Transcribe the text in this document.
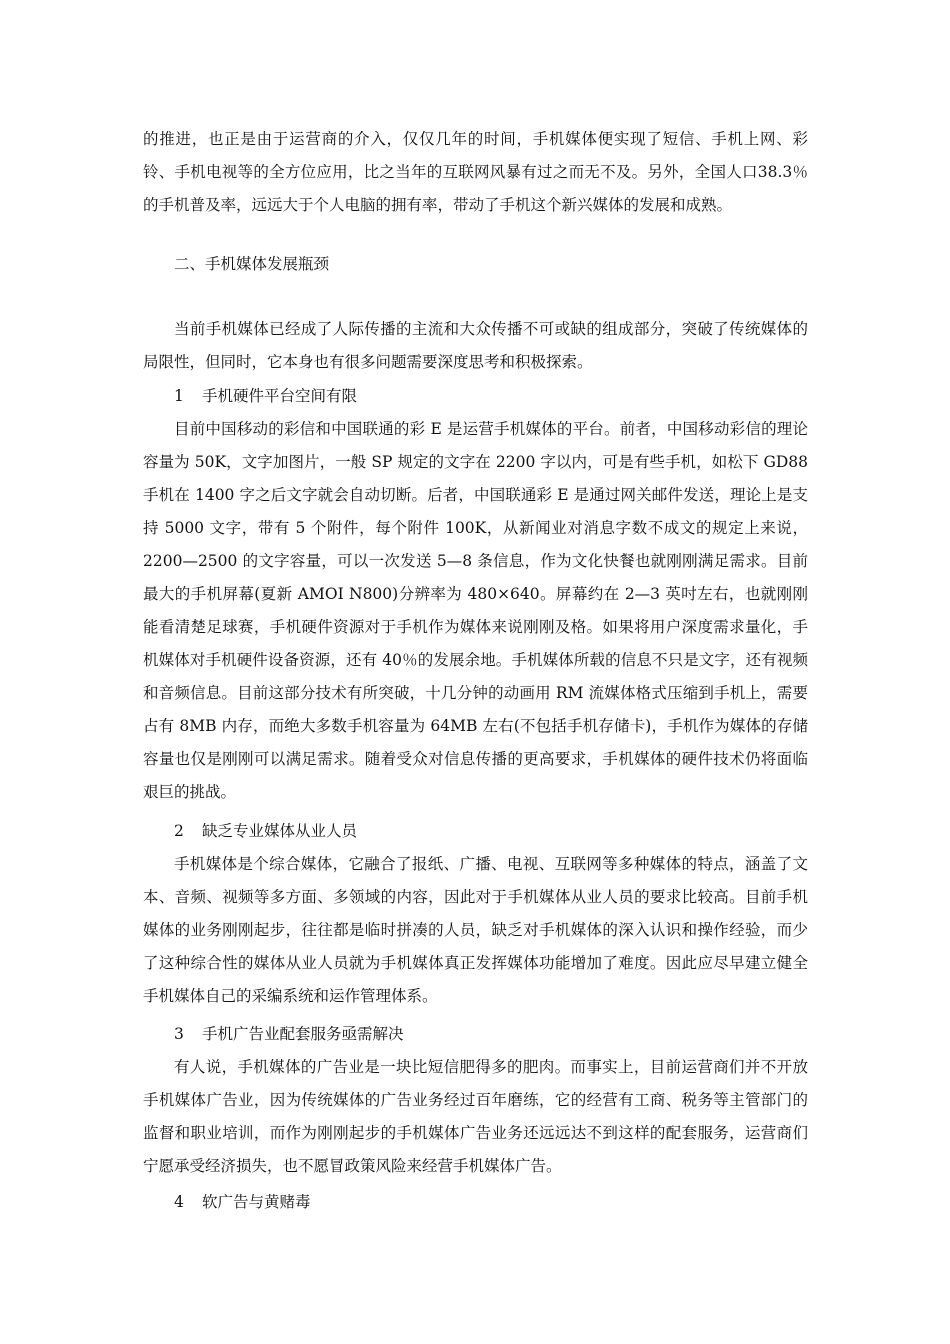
的推进，也正是由于运营商的介入，仅仅几年的时间，手机媒体便实现了短信、手机上网、彩铃、手机电视等的全方位应用，比之当年的互联网风暴有过之而无不及。另外，全国人口38.3％的手机普及率，远远大于个人电脑的拥有率，带动了手机这个新兴媒体的发展和成熟。

二、手机媒体发展瓶颈

当前手机媒体已经成了人际传播的主流和大众传播不可或缺的组成部分，突破了传统媒体的局限性，但同时，它本身也有很多问题需要深度思考和积极探索。

1 手机硬件平台空间有限

目前中国移动的彩信和中国联通的彩 E 是运营手机媒体的平台。前者，中国移动彩信的理论容量为 50K，文字加图片，一般 SP 规定的文字在 2200 字以内，可是有些手机，如松下 GD88 手机在 1400 字之后文字就会自动切断。后者，中国联通彩 E 是通过网关邮件发送，理论上是支持 5000 文字，带有 5 个附件，每个附件 100K，从新闻业对消息字数不成文的规定上来说，2200—2500 的文字容量，可以一次发送 5—8 条信息，作为文化快餐也就刚刚满足需求。目前最大的手机屏幕(夏新 AMOI N800)分辨率为 480×640。屏幕约在 2—3 英吋左右，也就刚刚能看清楚足球赛，手机硬件资源对于手机作为媒体来说刚刚及格。如果将用户深度需求量化，手机媒体对手机硬件设备资源，还有 40％的发展余地。手机媒体所载的信息不只是文字，还有视频和音频信息。目前这部分技术有所突破，十几分钟的动画用 RM 流媒体格式压缩到手机上，需要占有 8MB 内存，而绝大多数手机容量为 64MB 左右(不包括手机存储卡)，手机作为媒体的存储容量也仅是刚刚可以满足需求。随着受众对信息传播的更高要求，手机媒体的硬件技术仍将面临艰巨的挑战。

2 缺乏专业媒体从业人员

手机媒体是个综合媒体，它融合了报纸、广播、电视、互联网等多种媒体的特点，涵盖了文本、音频、视频等多方面、多领域的内容，因此对于手机媒体从业人员的要求比较高。目前手机媒体的业务刚刚起步，往往都是临时拼凑的人员，缺乏对手机媒体的深入认识和操作经验，而少了这种综合性的媒体从业人员就为手机媒体真正发挥媒体功能增加了难度。因此应尽早建立健全手机媒体自己的采编系统和运作管理体系。

3 手机广告业配套服务亟需解决

有人说，手机媒体的广告业是一块比短信肥得多的肥肉。而事实上，目前运营商们并不开放手机媒体广告业，因为传统媒体的广告业务经过百年磨练，它的经营有工商、税务等主管部门的监督和职业培训，而作为刚刚起步的手机媒体广告业务还远远达不到这样的配套服务，运营商们宁愿承受经济损失，也不愿冒政策风险来经营手机媒体广告。

4 软广告与黄赌毒
